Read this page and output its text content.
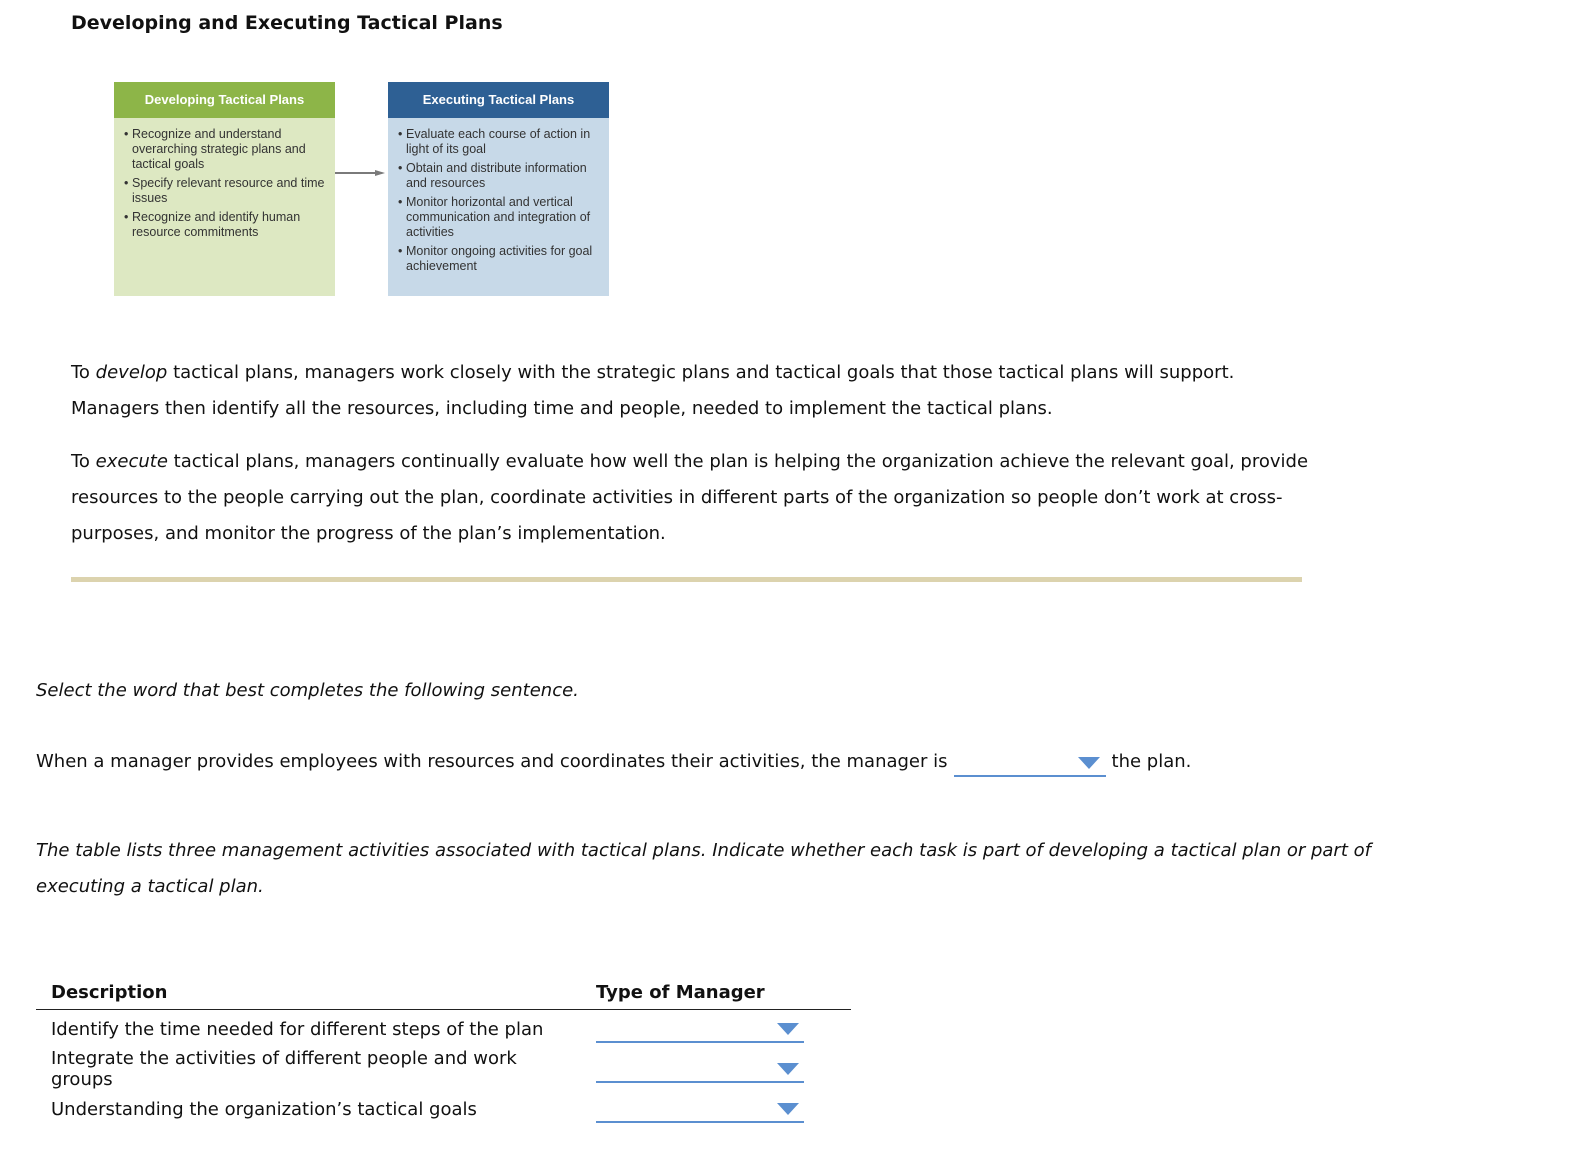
Developing and Executing Tactical Plans
Developing Tactical Plans
• Recognize and understand overarching strategic plans and tactical goals
• Specify relevant resource and time issues
• Recognize and identify human resource commitments
Executing Tactical Plans
• Evaluate each course of action in light of its goal
• Obtain and distribute information and resources
• Monitor horizontal and vertical communication and integration of activities
• Monitor ongoing activities for goal achievement

To develop tactical plans, managers work closely with the strategic plans and tactical goals that those tactical plans will support. Managers then identify all the resources, including time and people, needed to implement the tactical plans.

To execute tactical plans, managers continually evaluate how well the plan is helping the organization achieve the relevant goal, provide resources to the people carrying out the plan, coordinate activities in different parts of the organization so people don’t work at cross-purposes, and monitor the progress of the plan’s implementation.

Select the word that best completes the following sentence.

When a manager provides employees with resources and coordinates their activities, the manager is	the plan.

The table lists three management activities associated with tactical plans. Indicate whether each task is part of developing a tactical plan or part of executing a tactical plan.

Description	Type of Manager
Identify the time needed for different steps of the plan	

Integrate the activities of different people and work groups	

Understanding the organization’s tactical goals	
